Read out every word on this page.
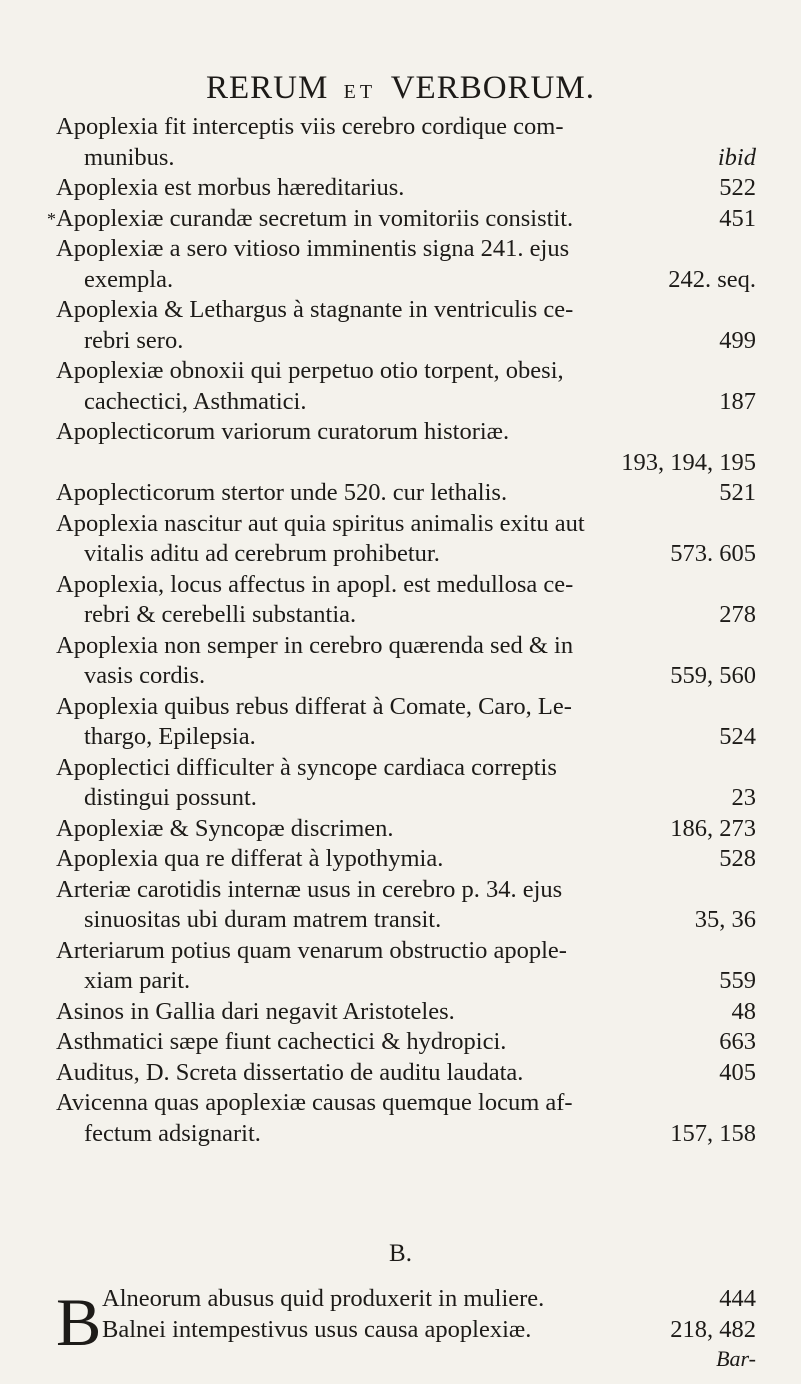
RERUM ET VERBORUM.
Apoplexia fit interceptis viis cerebro cordique com-
munibus.	ibid
Apoplexia est morbus hæreditarius.	522
* Apoplexiæ curandæ secretum in vomitoriis consistit.	451
Apoplexiæ a sero vitioso imminentis signa 241. ejus
exempla.	242. seq.
Apoplexia & Lethargus à stagnante in ventriculis ce-
rebri sero.	499
Apoplexiæ obnoxii qui perpetuo otio torpent, obesi,
cachectici, Asthmatici.	187
Apoplecticorum variorum curatorum historiæ.
193, 194, 195
Apoplecticorum stertor unde 520. cur lethalis.	521
Apoplexia nascitur aut quia spiritus animalis exitu aut
vitalis aditu ad cerebrum prohibetur.	573. 605
Apoplexia, locus affectus in apopl. est medullosa ce-
rebri & cerebelli substantia.	278
Apoplexia non semper in cerebro quærenda sed & in
vasis cordis.	559, 560
Apoplexia quibus rebus differat à Comate, Caro, Le-
thargo, Epilepsia.	524
Apoplectici difficulter à syncope cardiaca correptis
distingui possunt.	23
Apoplexiæ & Syncopæ discrimen.	186, 273
Apoplexia qua re differat à lypothymia.	528
Arteriæ carotidis internæ usus in cerebro p. 34. ejus
sinuositas ubi duram matrem transit.	35, 36
Arteriarum potius quam venarum obstructio apople-
xiam parit.	559
Asinos in Gallia dari negavit Aristoteles.	48
Asthmatici sæpe fiunt cachectici & hydropici.	663
Auditus, D. Screta dissertatio de auditu laudata.	405
Avicenna quas apoplexiæ causas quemque locum af-
fectum adsignarit.	157, 158
B.
B Alneorum abusus quid produxerit in muliere.	444
Balnei intempestivus usus causa apoplexiæ.	218, 482
Bar-
